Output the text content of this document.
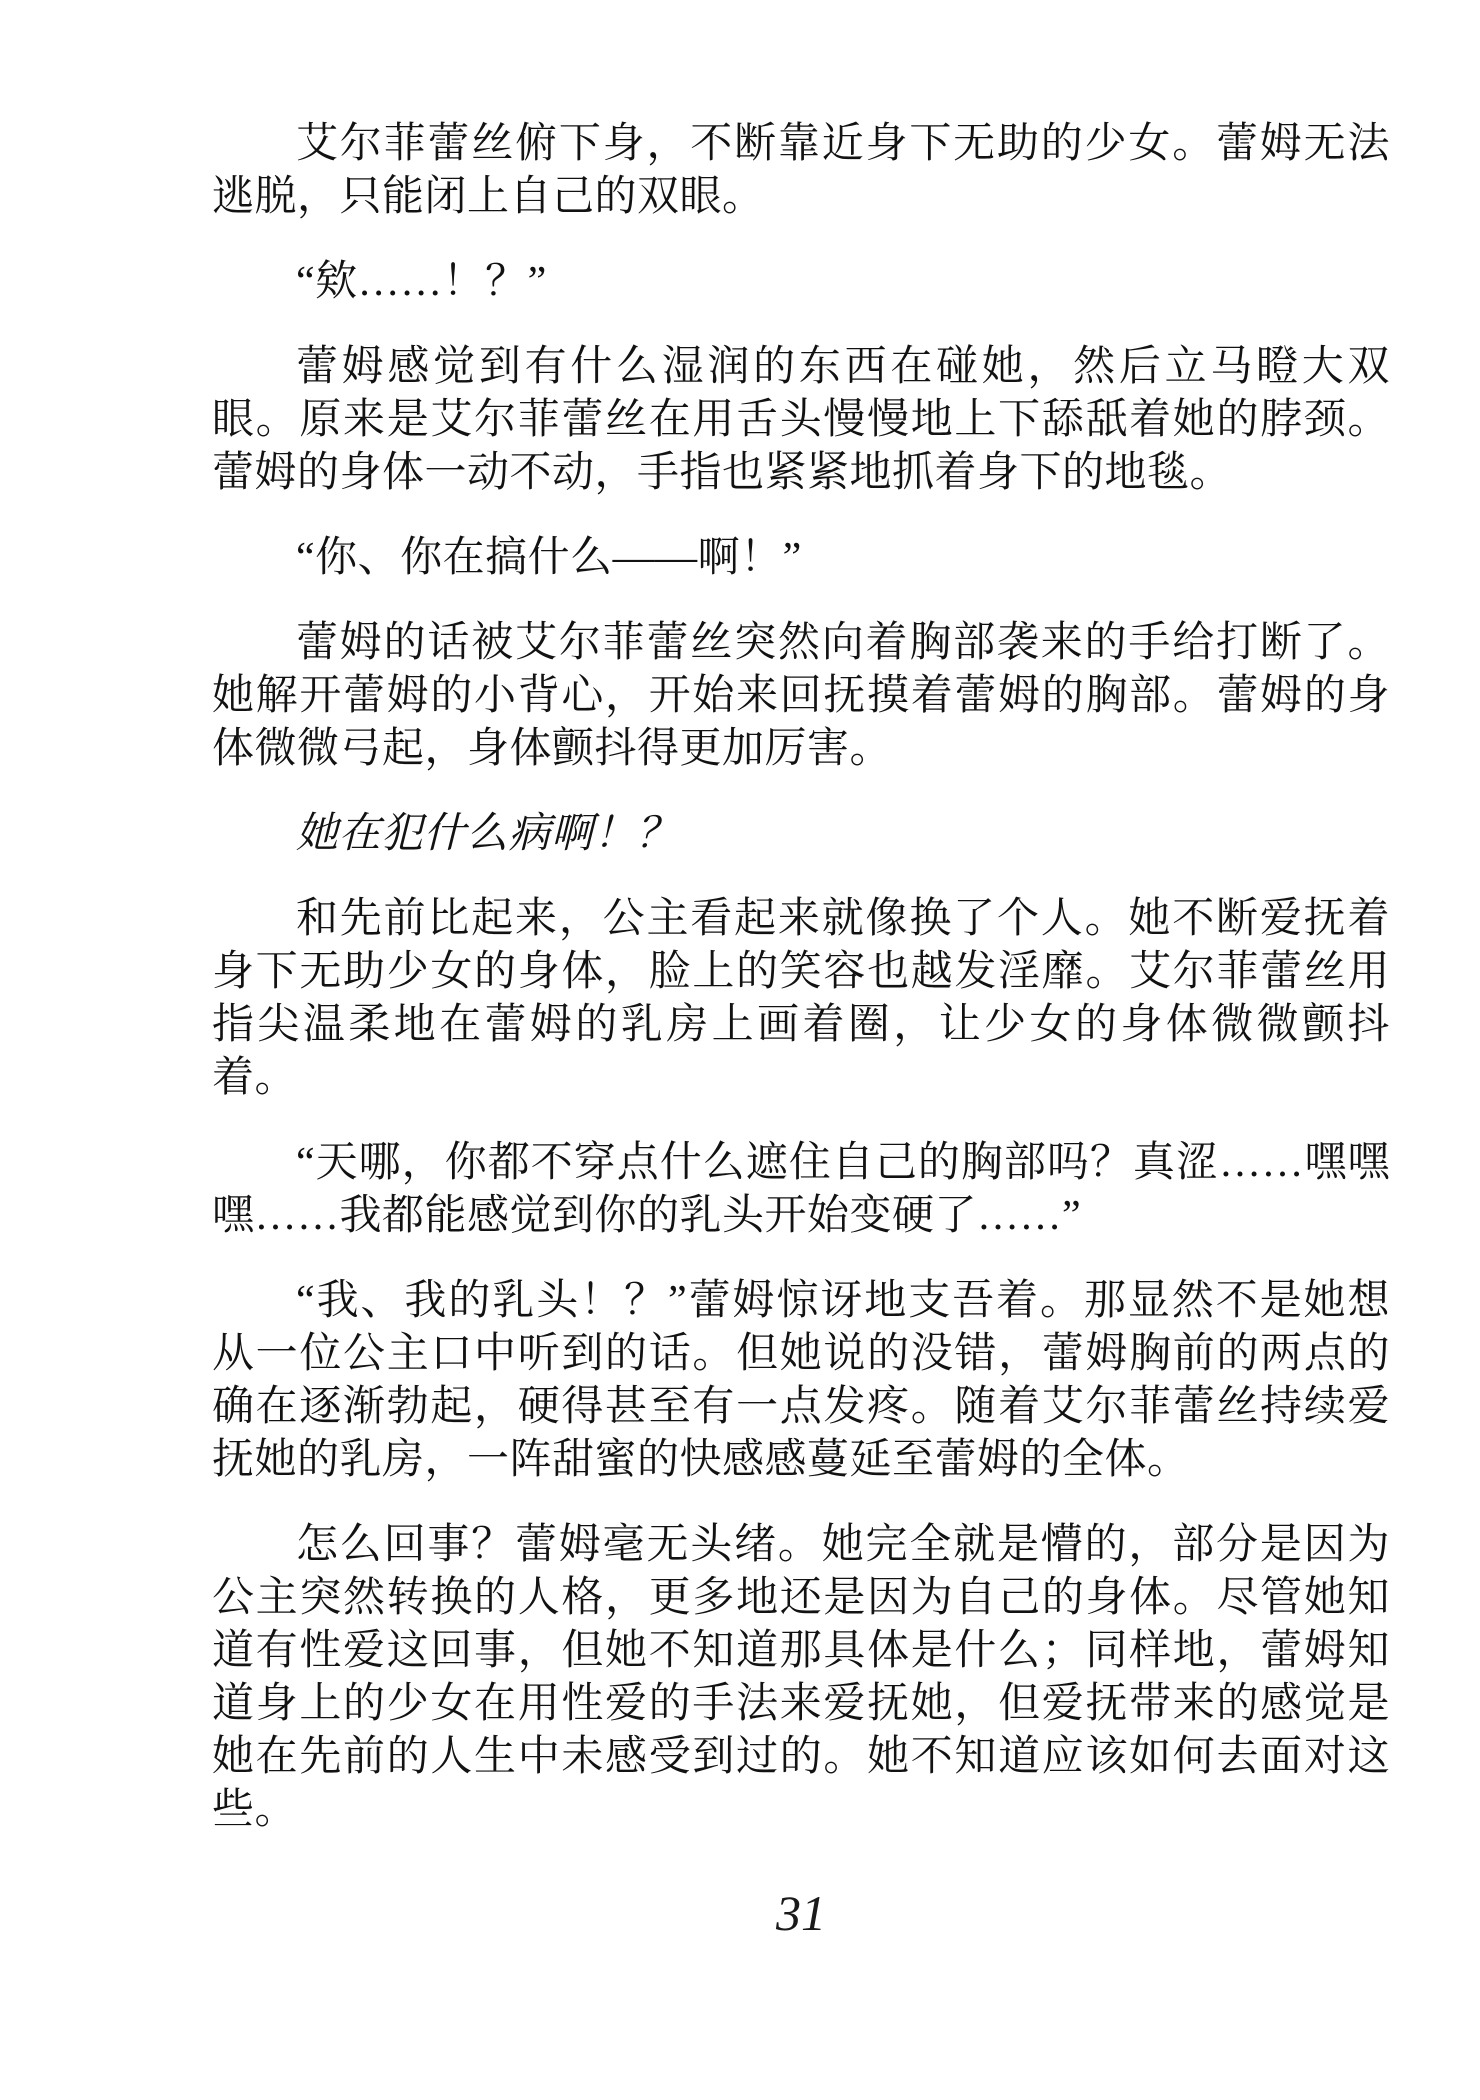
艾尔菲蕾丝俯下身，不断靠近身下无助的少女。蕾姆无法逃脱，只能闭上自己的双眼。

“欸……！？”

蕾姆感觉到有什么湿润的东西在碰她，然后立马瞪大双眼。原来是艾尔菲蕾丝在用舌头慢慢地上下舔舐着她的脖颈。蕾姆的身体一动不动，手指也紧紧地抓着身下的地毯。

“你、你在搞什么——啊！”

蕾姆的话被艾尔菲蕾丝突然向着胸部袭来的手给打断了。她解开蕾姆的小背心，开始来回抚摸着蕾姆的胸部。蕾姆的身体微微弓起，身体颤抖得更加厉害。

她在犯什么病啊！？

和先前比起来，公主看起来就像换了个人。她不断爱抚着身下无助少女的身体，脸上的笑容也越发淫靡。艾尔菲蕾丝用指尖温柔地在蕾姆的乳房上画着圈，让少女的身体微微颤抖着。

“天哪，你都不穿点什么遮住自己的胸部吗？真涩……嘿嘿嘿……我都能感觉到你的乳头开始变硬了……”

“我、我的乳头！？”蕾姆惊讶地支吾着。那显然不是她想从一位公主口中听到的话。但她说的没错，蕾姆胸前的两点的确在逐渐勃起，硬得甚至有一点发疼。随着艾尔菲蕾丝持续爱抚她的乳房，一阵甜蜜的快感感蔓延至蕾姆的全体。

怎么回事？蕾姆毫无头绪。她完全就是懵的，部分是因为公主突然转换的人格，更多地还是因为自己的身体。尽管她知道有性爱这回事，但她不知道那具体是什么；同样地，蕾姆知道身上的少女在用性爱的手法来爱抚她，但爱抚带来的感觉是她在先前的人生中未感受到过的。她不知道应该如何去面对这些。

31
